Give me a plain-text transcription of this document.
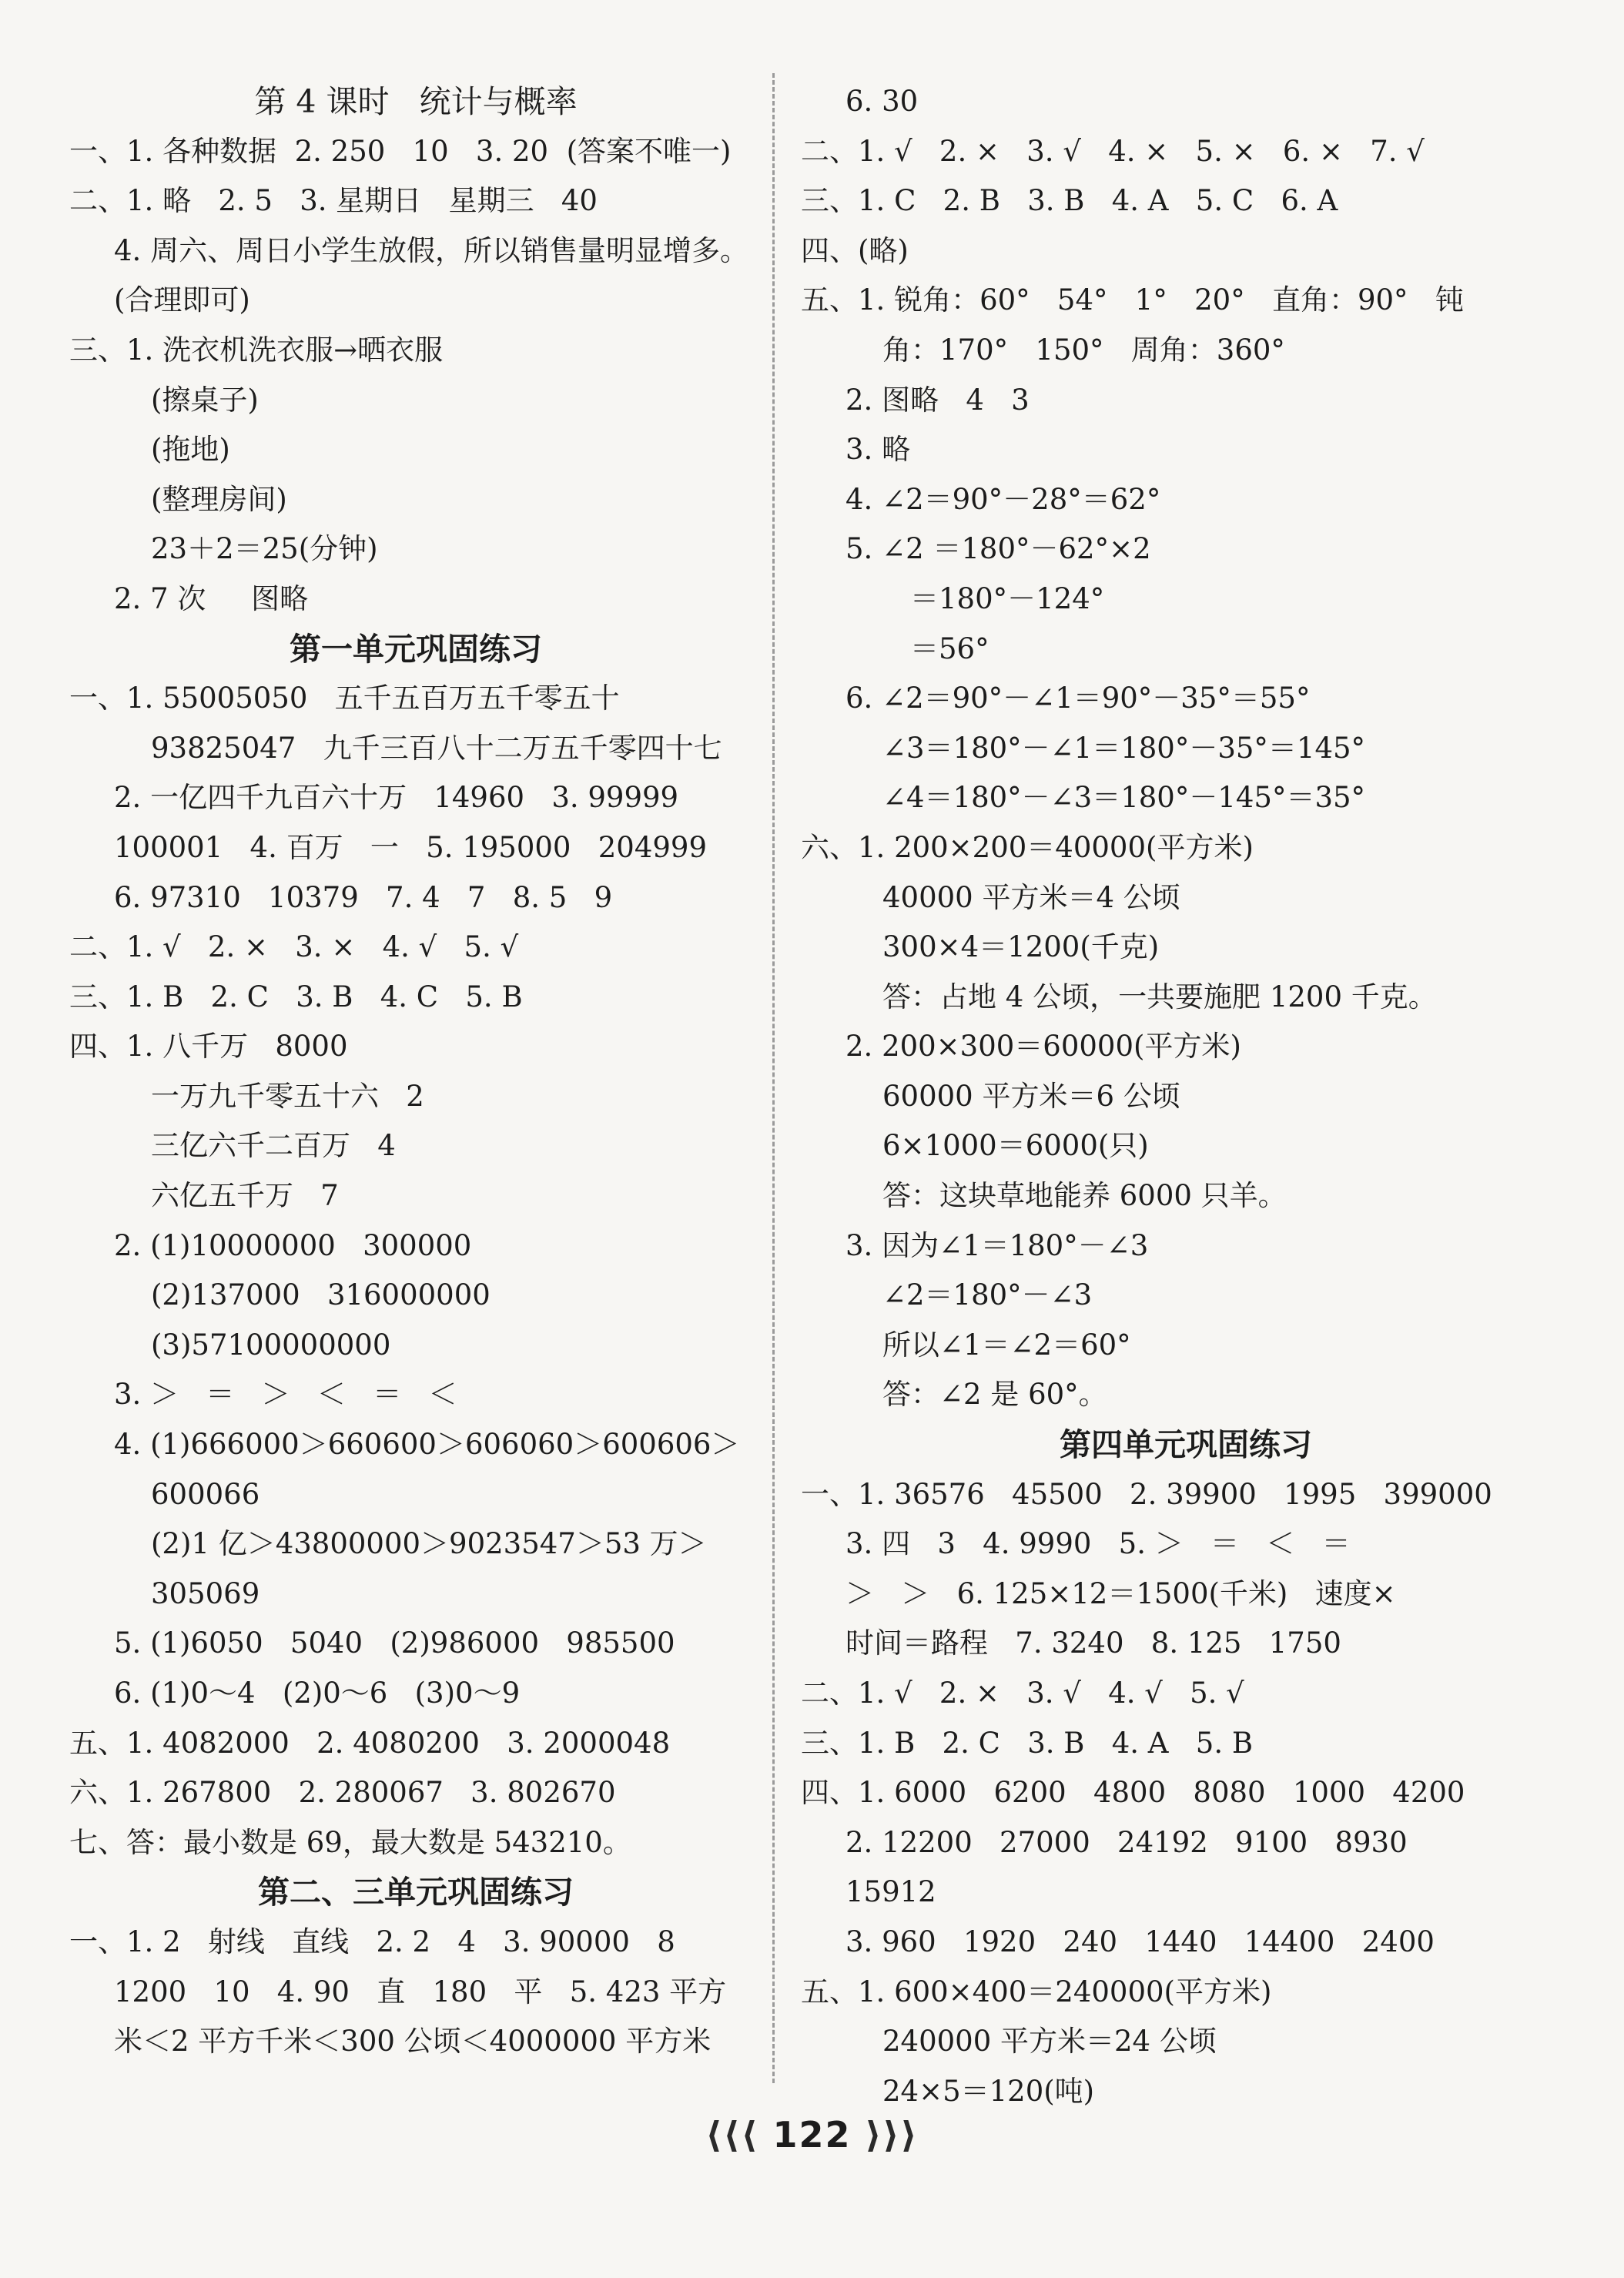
第 4 课时   统计与概率
一、1. 各种数据  2. 250   10   3. 20  (答案不唯一)
二、1. 略   2. 5   3. 星期日   星期三   40
4. 周六、周日小学生放假，所以销售量明显增多。
(合理即可)
三、1. 洗衣机洗衣服→晒衣服
(擦桌子)
(拖地)
(整理房间)
23＋2＝25(分钟)
2. 7 次     图略
第一单元巩固练习
一、1. 55005050   五千五百万五千零五十
93825047   九千三百八十二万五千零四十七
2. 一亿四千九百六十万   14960   3. 99999
100001   4. 百万   一   5. 195000   204999
6. 97310   10379   7. 4   7   8. 5   9
二、1. √   2. ×   3. ×   4. √   5. √
三、1. B   2. C   3. B   4. C   5. B
四、1. 八千万   8000
一万九千零五十六   2
三亿六千二百万   4
六亿五千万   7
2. (1)10000000   300000
(2)137000   316000000
(3)57100000000
3. ＞   ＝   ＞   ＜   ＝   ＜
4. (1)666000＞660600＞606060＞600606＞
600066
(2)1 亿＞43800000＞9023547＞53 万＞
305069
5. (1)6050   5040   (2)986000   985500
6. (1)0～4   (2)0～6   (3)0～9
五、1. 4082000   2. 4080200   3. 2000048
六、1. 267800   2. 280067   3. 802670
七、答：最小数是 69，最大数是 543210。
第二、三单元巩固练习
一、1. 2   射线   直线   2. 2   4   3. 90000   8
1200   10   4. 90   直   180   平   5. 423 平方
米＜2 平方千米＜300 公顷＜4000000 平方米
6. 30
二、1. √   2. ×   3. √   4. ×   5. ×   6. ×   7. √
三、1. C   2. B   3. B   4. A   5. C   6. A
四、(略)
五、1. 锐角：60°   54°   1°   20°   直角：90°   钝
角：170°   150°   周角：360°
2. 图略   4   3
3. 略
4. ∠2＝90°－28°＝62°
5. ∠2 ＝180°－62°×2
＝180°－124°
＝56°
6. ∠2＝90°－∠1＝90°－35°＝55°
∠3＝180°－∠1＝180°－35°＝145°
∠4＝180°－∠3＝180°－145°＝35°
六、1. 200×200＝40000(平方米)
40000 平方米＝4 公顷
300×4＝1200(千克)
答：占地 4 公顷，一共要施肥 1200 千克。
2. 200×300＝60000(平方米)
60000 平方米＝6 公顷
6×1000＝6000(只)
答：这块草地能养 6000 只羊。
3. 因为∠1＝180°－∠3
∠2＝180°－∠3
所以∠1＝∠2＝60°
答：∠2 是 60°。
第四单元巩固练习
一、1. 36576   45500   2. 39900   1995   399000
3. 四   3   4. 9990   5. ＞   ＝   ＜   ＝
＞   ＞   6. 125×12＝1500(千米)   速度×
时间＝路程   7. 3240   8. 125   1750
二、1. √   2. ×   3. √   4. √   5. √
三、1. B   2. C   3. B   4. A   5. B
四、1. 6000   6200   4800   8080   1000   4200
2. 12200   27000   24192   9100   8930
15912
3. 960   1920   240   1440   14400   2400
五、1. 600×400＝240000(平方米)
240000 平方米＝24 公顷
24×5＝120(吨)
⟨⟨⟨ 122 ⟩⟩⟩
